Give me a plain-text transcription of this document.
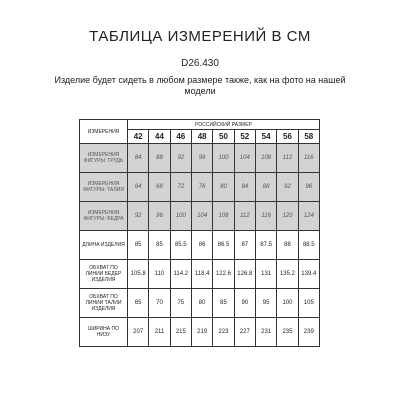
ТАБЛИЦА ИЗМЕРЕНИЙ В СМ
D26.430
Изделие будет сидеть в любом размере также, как на фото на нашей модели
ИЗМЕРЕНИЯ	РОССИЙСКИЙ РАЗМЕР								
	42	44	46	48	50	52	54	56	58
ИЗМЕРЕНИЯ ФИГУРЫ: ГРУДЬ	84	88	92	96	100	104	108	112	116
ИЗМЕРЕНИЯ ФИГУРЫ: ТАЛИЯ	64	68	72	76	80	84	88	92	96
ИЗМЕРЕНИЯ ФИГУРЫ: БЕДРА	92	96	100	104	108	112	116	120	124
ДЛИНА ИЗДЕЛИЯ	85	85	85.5	86	86.5	87	87.5	88	88.5
ОБХВАТ ПО ЛИНИИ БЕДЕР ИЗДЕЛИЯ	105.8	110	114.2	118.4	122.6	126.8	131	135.2	139.4
ОБХВАТ ПО ЛИНИИ ТАЛИИ ИЗДЕЛИЯ	65	70	75	80	85	90	95	100	105
ШИРИНА ПО НИЗУ	207	211	215	219	223	227	231	235	239
